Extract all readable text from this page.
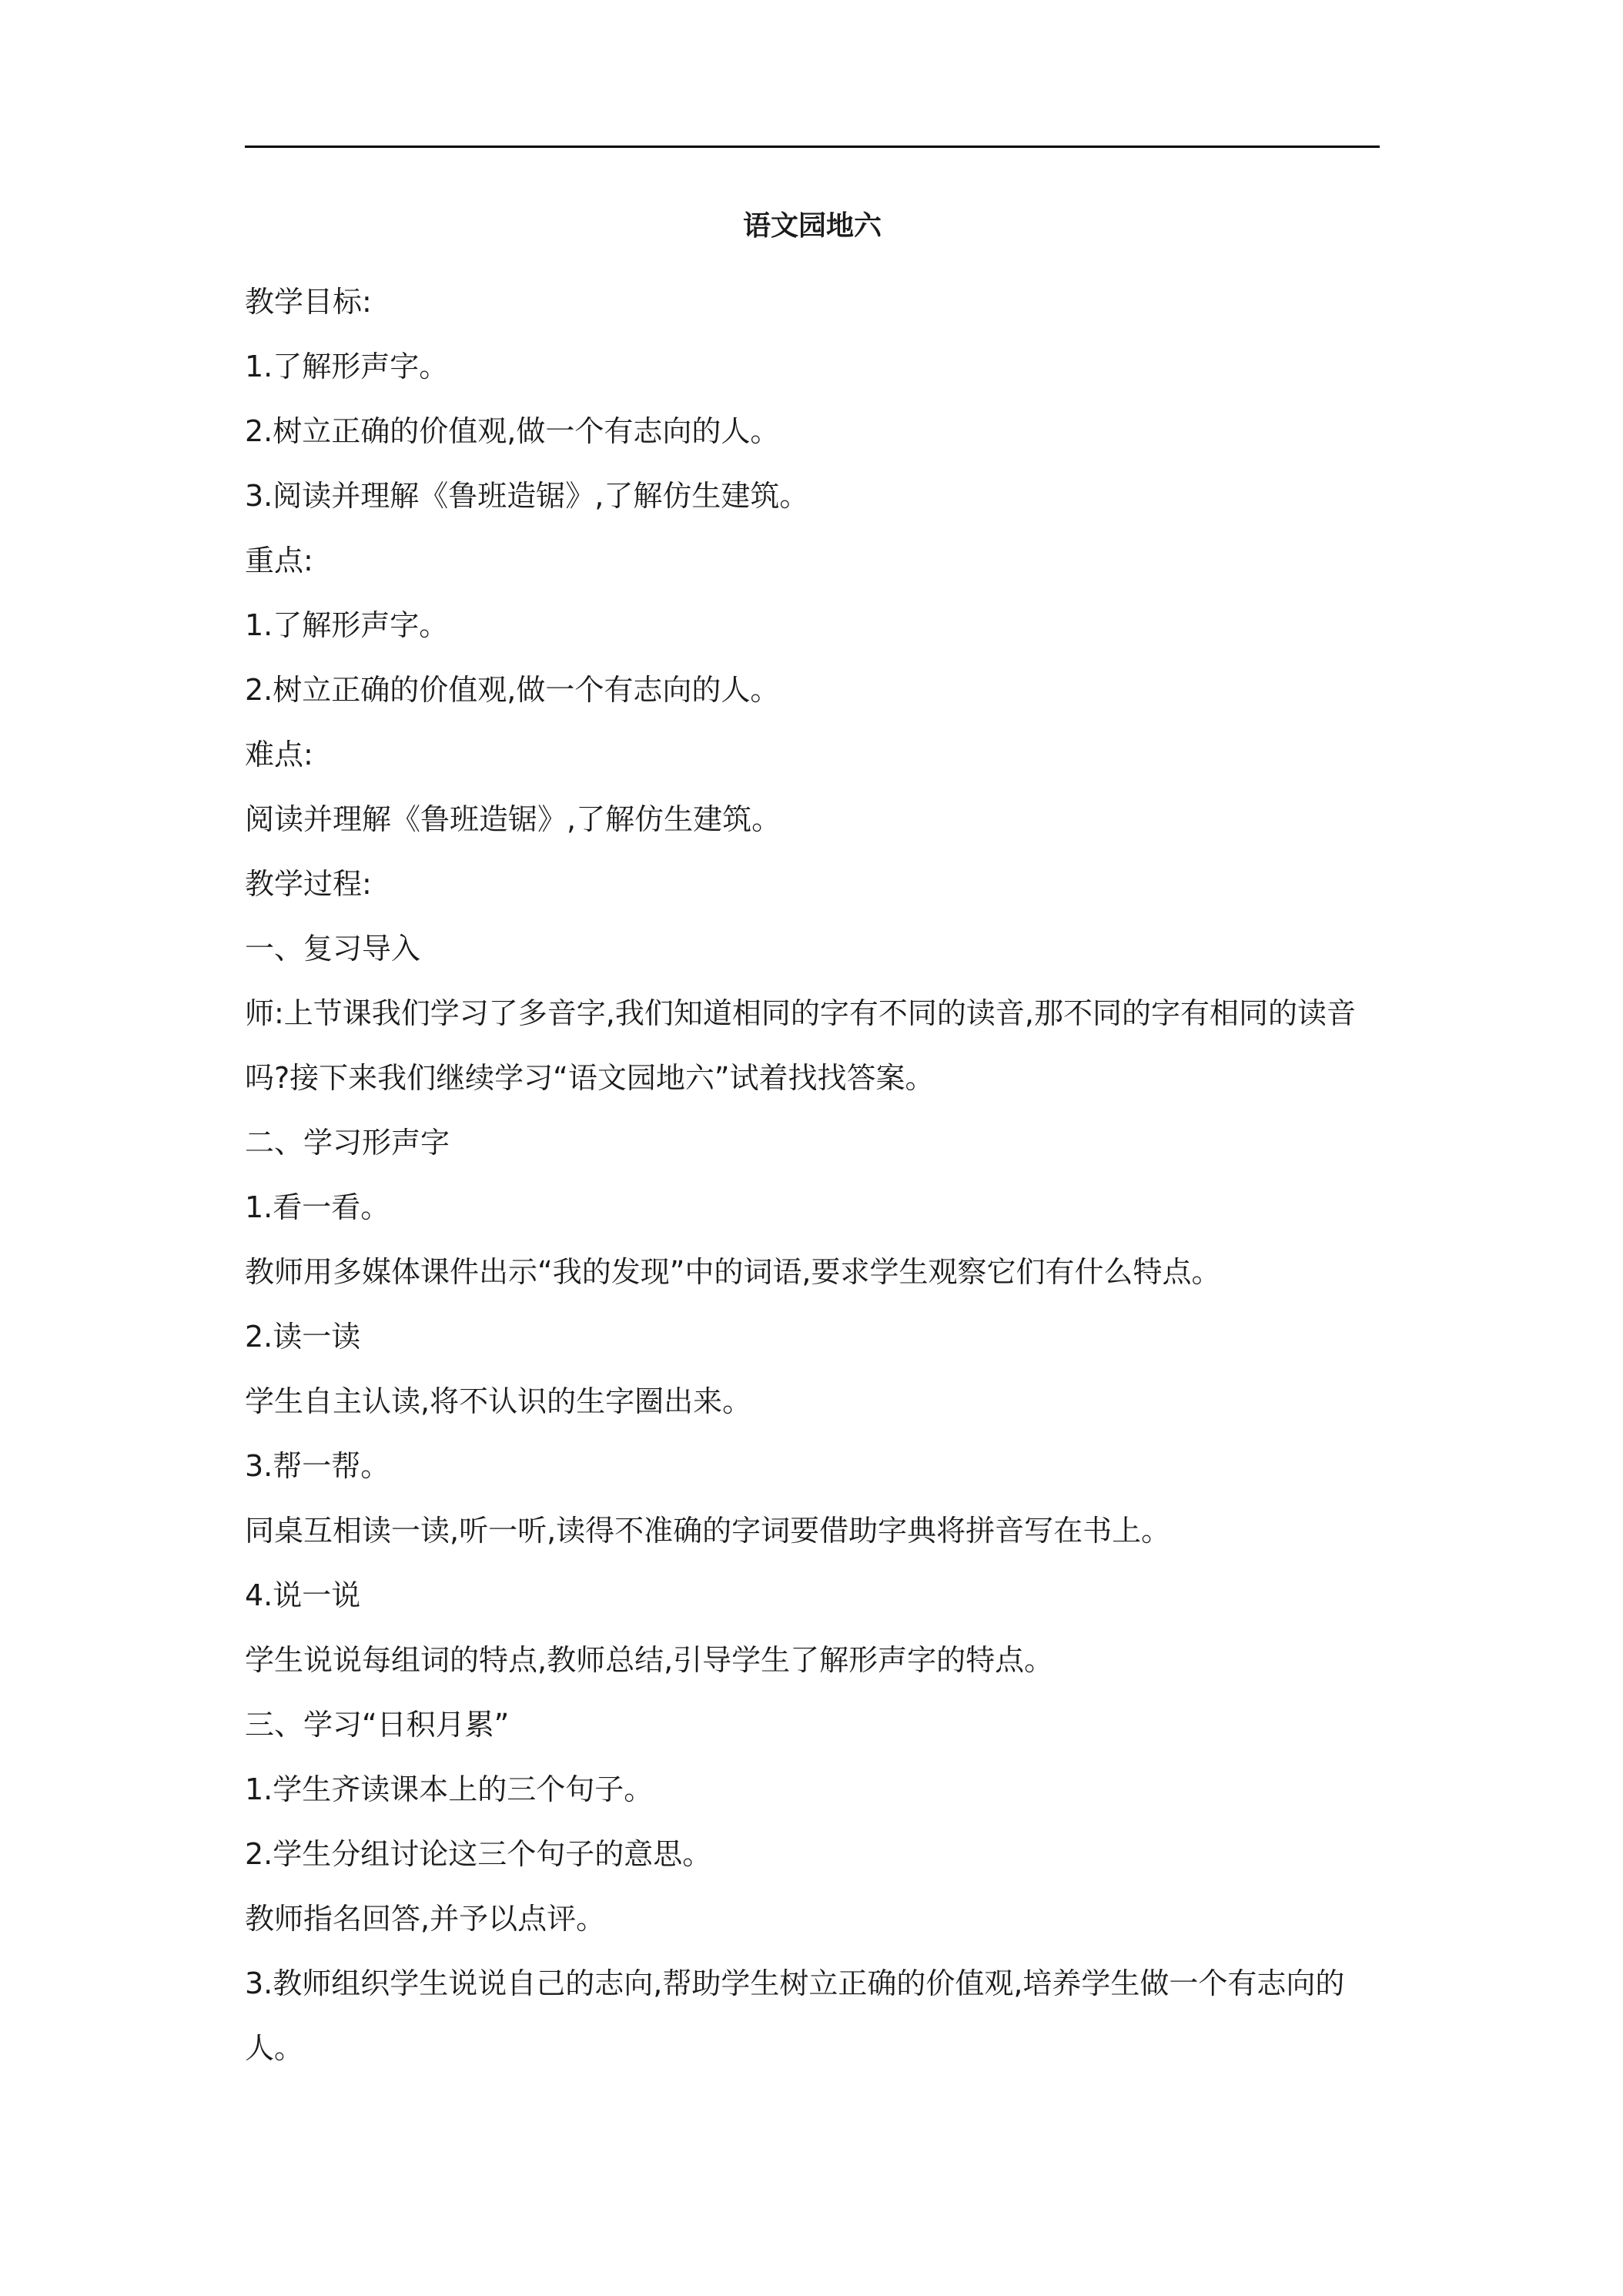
语文园地六

教学目标:

1.了解形声字。

2.树立正确的价值观,做一个有志向的人。

3.阅读并理解《鲁班造锯》,了解仿生建筑。

重点:

1.了解形声字。

2.树立正确的价值观,做一个有志向的人。

难点:

阅读并理解《鲁班造锯》,了解仿生建筑。

教学过程:

一、复习导入

师:上节课我们学习了多音字,我们知道相同的字有不同的读音,那不同的字有相同的读音吗?接下来我们继续学习“语文园地六”试着找找答案。

二、学习形声字

1.看一看。

教师用多媒体课件出示“我的发现”中的词语,要求学生观察它们有什么特点。

2.读一读

学生自主认读,将不认识的生字圈出来。

3.帮一帮。

同桌互相读一读,听一听,读得不准确的字词要借助字典将拼音写在书上。

4.说一说

学生说说每组词的特点,教师总结,引导学生了解形声字的特点。

三、学习“日积月累”

1.学生齐读课本上的三个句子。

2.学生分组讨论这三个句子的意思。

教师指名回答,并予以点评。

3.教师组织学生说说自己的志向,帮助学生树立正确的价值观,培养学生做一个有志向的人。
